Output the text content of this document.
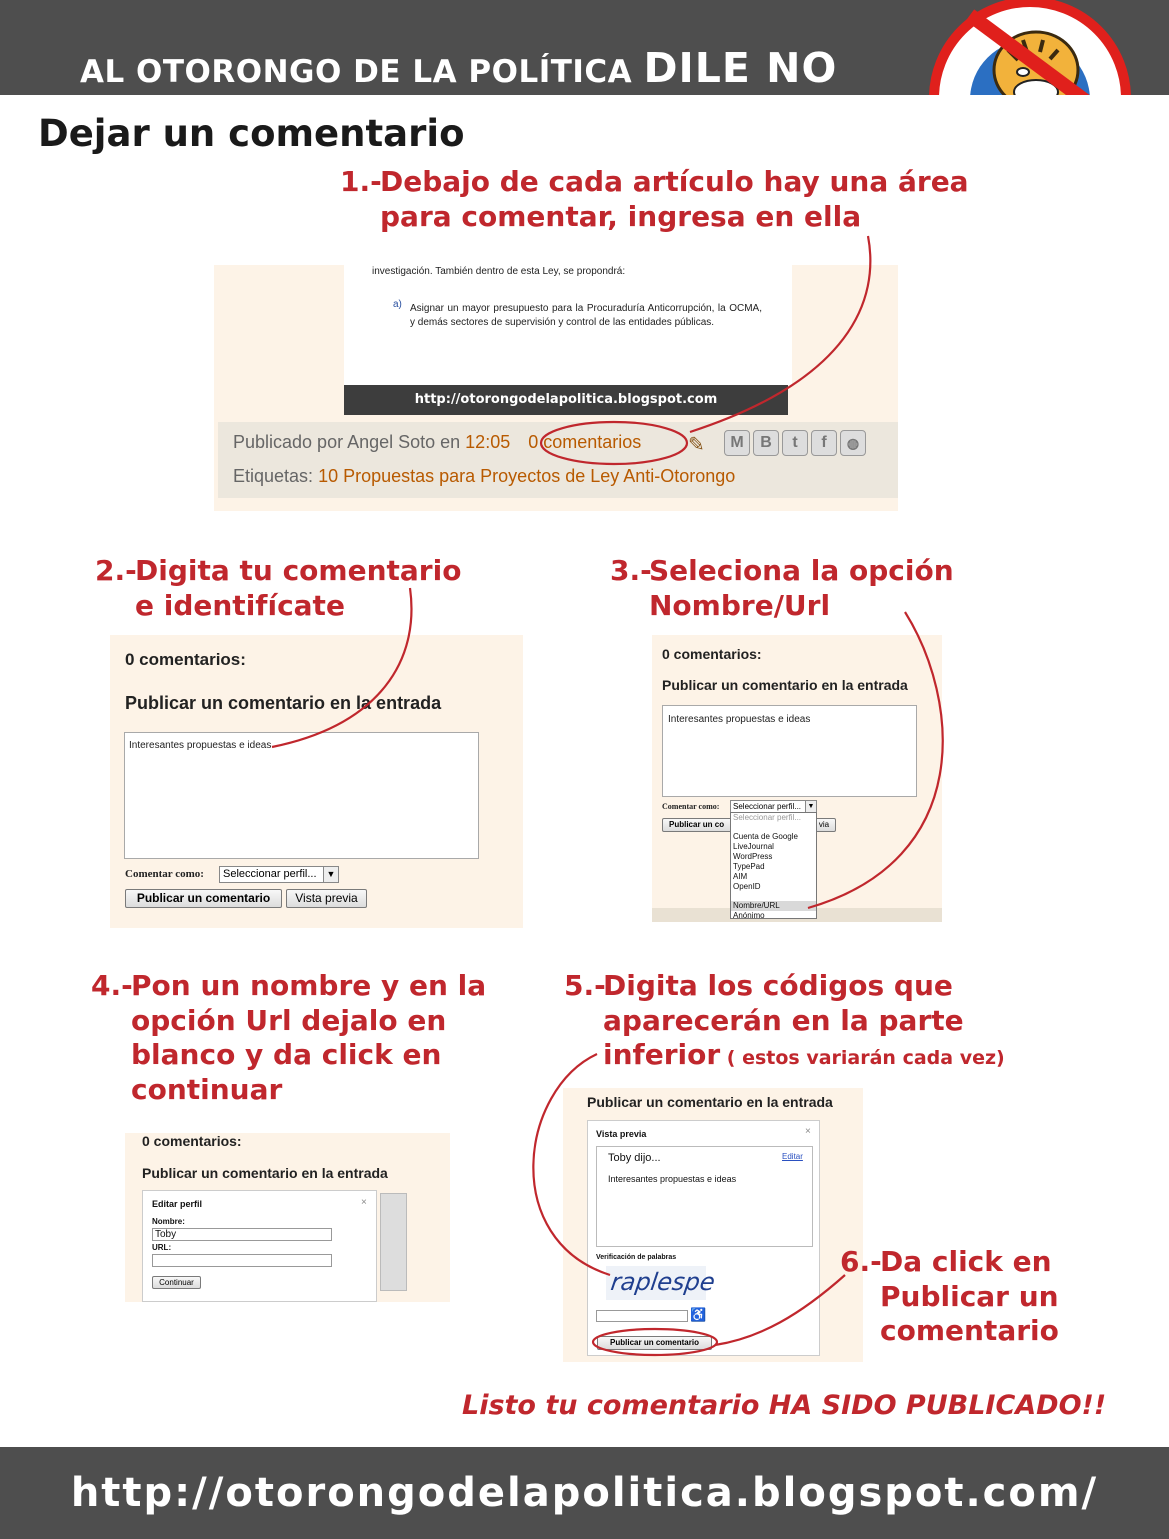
AL OTORONGO DE LA POLÍTICA DILE NO
Dejar un comentario
1.-
Debajo de cada artículo hay una área
para comentar, ingresa en ella
investigación. También dentro de esta Ley, se propondrá:
a) Asignar un mayor presupuesto para la Procuraduría Anticorrupción, la OCMA, y demás sectores de supervisión y control de las entidades públicas.
http://otorongodelapolitica.blogspot.com
Publicado por Angel Soto en 12:05 0 comentarios
Etiquetas: 10 Propuestas para Proyectos de Ley Anti-Otorongo
✎	M	B	t	f	◍
2.-
Digita tu comentario
e identifícate
0 comentarios:
Publicar un comentario en la entrada
Interesantes propuestas e ideas
Comentar como:	Seleccionar perfil...	▼
Publicar un comentario	Vista previa
3.-
Seleciona la opción
Nombre/Url
0 comentarios:
Publicar un comentario en la entrada
Interesantes propuestas e ideas
Comentar como:	Seleccionar perfil... ▼
Publicar un co	via
Seleccionar perfil...
Cuenta de Google
LiveJournal
WordPress
TypePad
AIM
OpenID
Nombre/URL
Anónimo
4.-
Pon un nombre y en la
opción Url dejalo en
blanco y da click en
continuar
0 comentarios:
Publicar un comentario en la entrada
Editar perfil	×
Nombre:
Toby
URL:
Continuar
5.-
Digita los códigos que
aparecerán en la parte
inferior ( estos variarán cada vez)
Publicar un comentario en la entrada
Vista previa	×
Toby dijo...	Editar
Interesantes propuestas e ideas
Verificación de palabras
raplespe
♿
Publicar un comentario
6.-
Da click en
Publicar un
comentario
Listo tu comentario HA SIDO PUBLICADO!!
http://otorongodelapolitica.blogspot.com/
